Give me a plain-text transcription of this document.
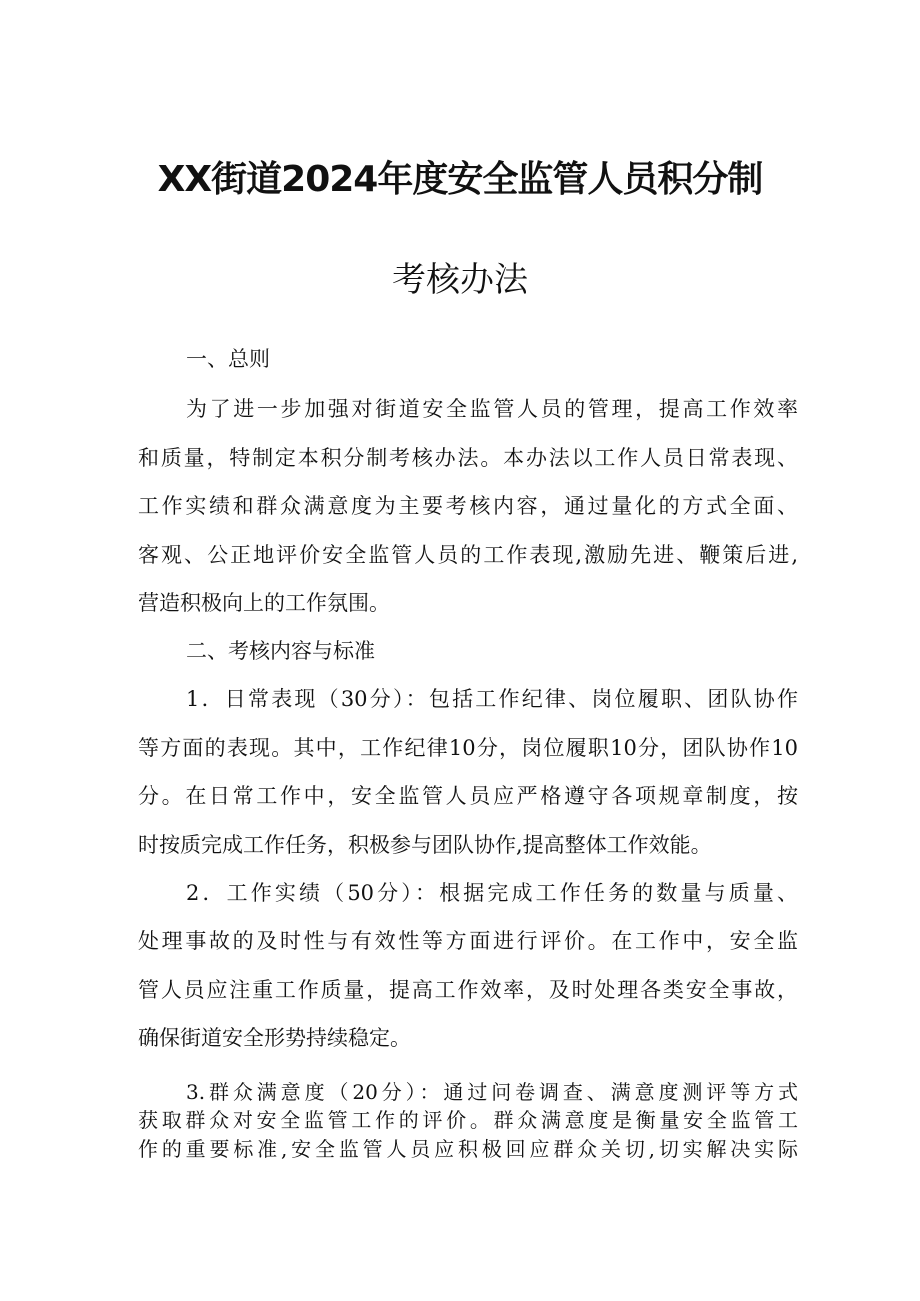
XX街道2024年度安全监管人员积分制
考核办法
一、总则
为了进一步加强对街道安全监管人员的管理，提高工作效率
和质量，特制定本积分制考核办法。本办法以工作人员日常表现、
工作实绩和群众满意度为主要考核内容，通过量化的方式全面、
客观、公正地评价安全监管人员的工作表现,激励先进、鞭策后进,
营造积极向上的工作氛围。
二、考核内容与标准
1．日常表现（30分）：包括工作纪律、岗位履职、团队协作
等方面的表现。其中，工作纪律10分，岗位履职10分，团队协作10
分。在日常工作中，安全监管人员应严格遵守各项规章制度，按
时按质完成工作任务，积极参与团队协作,提高整体工作效能。
2．工作实绩（50分）：根据完成工作任务的数量与质量、
处理事故的及时性与有效性等方面进行评价。在工作中，安全监
管人员应注重工作质量，提高工作效率，及时处理各类安全事故，
确保街道安全形势持续稳定。
3.群众满意度（20分）：通过问卷调查、满意度测评等方式
获取群众对安全监管工作的评价。群众满意度是衡量安全监管工
作的重要标准,安全监管人员应积极回应群众关切,切实解决实际
